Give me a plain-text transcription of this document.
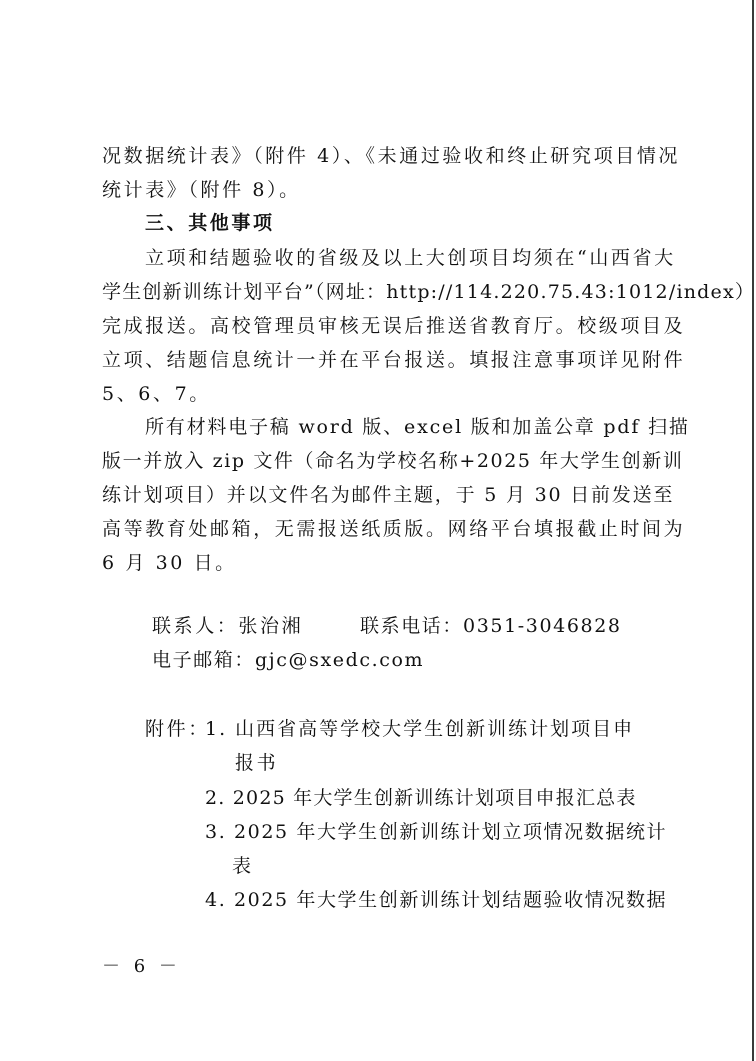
况数据统计表》（附件 4）、《未通过验收和终止研究项目情况
统计表》（附件 8）。
三、其他事项
立项和结题验收的省级及以上大创项目均须在“山西省大
学生创新训练计划平台”（网址：http://114.220.75.43:1012/index）
完成报送。高校管理员审核无误后推送省教育厅。校级项目及
立项、结题信息统计一并在平台报送。填报注意事项详见附件
5、6、7。
所有材料电子稿 word 版、excel 版和加盖公章 pdf 扫描
版一并放入 zip 文件（命名为学校名称+2025 年大学生创新训
练计划项目）并以文件名为邮件主题，于 5 月 30 日前发送至
高等教育处邮箱，无需报送纸质版。网络平台填报截止时间为
6 月 30 日。
联系人：张治湘	联系电话：0351-3046828
电子邮箱：gjc@sxedc.com
附件：
1. 山西省高等学校大学生创新训练计划项目申
报书
2. 2025 年大学生创新训练计划项目申报汇总表
3. 2025 年大学生创新训练计划立项情况数据统计
表
4. 2025 年大学生创新训练计划结题验收情况数据
－ 6 －
